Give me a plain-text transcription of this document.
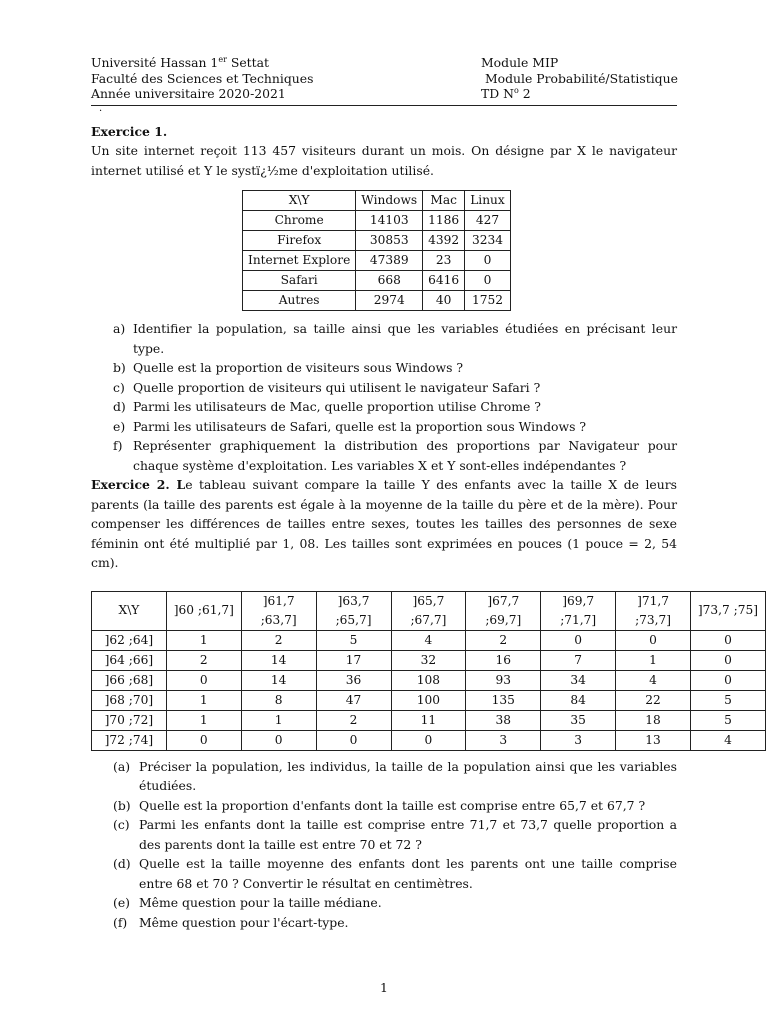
Université Hassan 1er Settat
Faculté des Sciences et Techniques
Année universitaire 2020-2021
Module MIP
Module Probabilité/Statistique
TD $N^o$ 2
·
Exercice 1.

Un site internet reçoit 113 457 visiteurs durant un mois. On désigne par X le navigateur internet utilisé et Y le systï¿½me d'exploitation utilisé.

X\Y	Windows	Mac	Linux
Chrome	14103	1186	427
Firefox	30853	4392	3234
Internet Explore	47389	23	0
Safari	668	6416	0
Autres	2974	40	1752
a) Identifier la population, sa taille ainsi que les variables étudiées en précisant leur type.
b) Quelle est la proportion de visiteurs sous Windows ?
c) Quelle proportion de visiteurs qui utilisent le navigateur Safari ?
d) Parmi les utilisateurs de Mac, quelle proportion utilise Chrome ?
e) Parmi les utilisateurs de Safari, quelle est la proportion sous Windows ?
f) Représenter graphiquement la distribution des proportions par Navigateur pour chaque système d'exploitation. Les variables X et Y sont-elles indépendantes ?

Exercice 2. Le tableau suivant compare la taille Y des enfants avec la taille X de leurs parents (la taille des parents est égale à la moyenne de la taille du père et de la mère). Pour compenser les différences de tailles entre sexes, toutes les tailles des personnes de sexe féminin ont été multiplié par 1, 08. Les tailles sont exprimées en pouces (1 pouce = 2, 54 cm).

X\Y	]60 ;61,7]	]61,7 ;63,7]	]63,7 ;65,7]	]65,7 ;67,7]	]67,7 ;69,7]	]69,7 ;71,7]	]71,7 ;73,7]	]73,7 ;75]
]62 ;64]	1	2	5	4	2	0	0	0
]64 ;66]	2	14	17	32	16	7	1	0
]66 ;68]	0	14	36	108	93	34	4	0
]68 ;70]	1	8	47	100	135	84	22	5
]70 ;72]	1	1	2	11	38	35	18	5
]72 ;74]	0	0	0	0	3	3	13	4
(a) Préciser la population, les individus, la taille de la population ainsi que les variables étudiées.
(b) Quelle est la proportion d'enfants dont la taille est comprise entre 65,7 et 67,7 ?
(c) Parmi les enfants dont la taille est comprise entre 71,7 et 73,7 quelle proportion a des parents dont la taille est entre 70 et 72 ?
(d) Quelle est la taille moyenne des enfants dont les parents ont une taille comprise entre 68 et 70 ? Convertir le résultat en centimètres.
(e) Même question pour la taille médiane.
(f) Même question pour l'écart-type.
1
